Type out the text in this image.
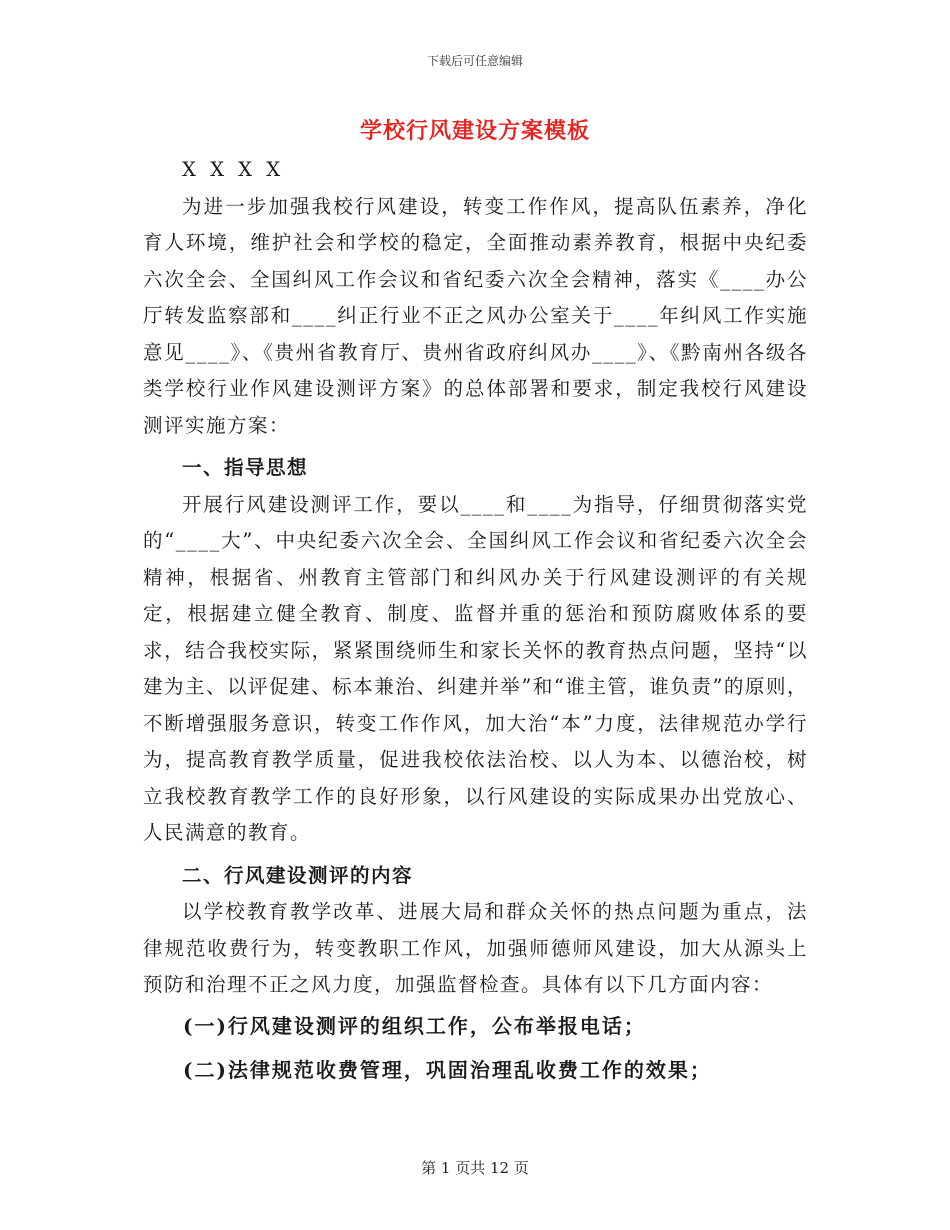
下载后可任意编辑
学校行风建设方案模板

X X X X

为进一步加强我校行风建设，转变工作作风，提高队伍素养，净化育人环境，维护社会和学校的稳定，全面推动素养教育，根据中央纪委六次全会、全国纠风工作会议和省纪委六次全会精神，落实《____办公厅转发监察部和____纠正行业不正之风办公室关于____年纠风工作实施意见____》、《贵州省教育厅、贵州省政府纠风办____》、《黔南州各级各类学校行业作风建设测评方案》的总体部署和要求，制定我校行风建设测评实施方案：

一、指导思想

开展行风建设测评工作，要以____和____为指导，仔细贯彻落实党的“____大”、中央纪委六次全会、全国纠风工作会议和省纪委六次全会精神，根据省、州教育主管部门和纠风办关于行风建设测评的有关规定，根据建立健全教育、制度、监督并重的惩治和预防腐败体系的要求，结合我校实际，紧紧围绕师生和家长关怀的教育热点问题，坚持“以建为主、以评促建、标本兼治、纠建并举”和“谁主管，谁负责”的原则，不断增强服务意识，转变工作作风，加大治“本”力度，法律规范办学行为，提高教育教学质量，促进我校依法治校、以人为本、以德治校，树立我校教育教学工作的良好形象，以行风建设的实际成果办出党放心、人民满意的教育。

二、行风建设测评的内容

以学校教育教学改革、进展大局和群众关怀的热点问题为重点，法律规范收费行为，转变教职工作风，加强师德师风建设，加大从源头上预防和治理不正之风力度，加强监督检查。具体有以下几方面内容：

(一)行风建设测评的组织工作，公布举报电话；

(二)法律规范收费管理，巩固治理乱收费工作的效果；

第 1 页共 12 页
